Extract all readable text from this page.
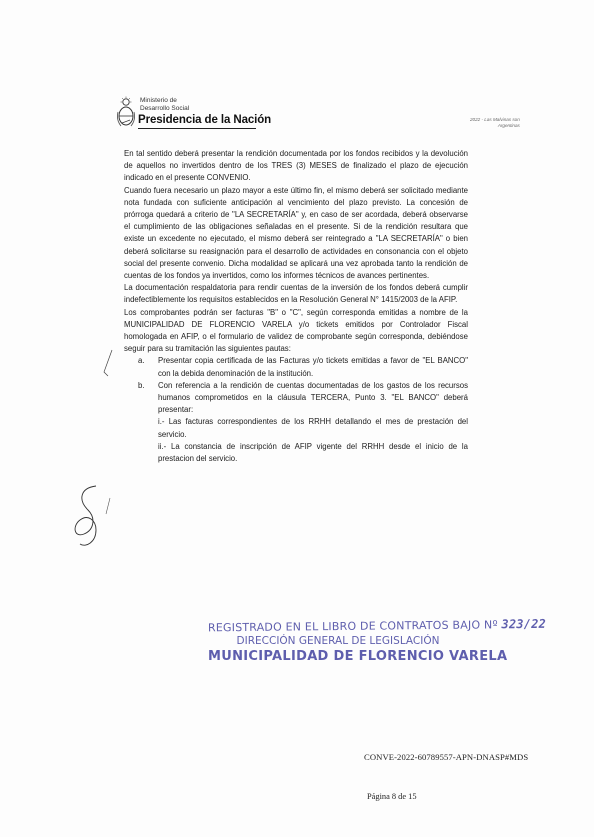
Ministerio de
Desarrollo Social
Presidencia de la Nación	2022 - Las Malvinas son
Argentinas

En tal sentido deberá presentar la rendición documentada por los fondos recibidos y la devolución de aquellos no invertidos dentro de los TRES (3) MESES de finalizado el plazo de ejecución indicado en el presente CONVENIO.

Cuando fuera necesario un plazo mayor a este último fin, el mismo deberá ser solicitado mediante nota fundada con suficiente anticipación al vencimiento del plazo previsto. La concesión de prórroga quedará a criterio de "LA SECRETARÍA" y, en caso de ser acordada, deberá observarse el cumplimiento de las obligaciones señaladas en el presente. Si de la rendición resultara que existe un excedente no ejecutado, el mismo deberá ser reintegrado a "LA SECRETARÍA" o bien deberá solicitarse su reasignación para el desarrollo de actividades en consonancia con el objeto social del presente convenio. Dicha modalidad se aplicará una vez aprobada tanto la rendición de cuentas de los fondos ya invertidos, como los informes técnicos de avances pertinentes.

La documentación respaldatoria para rendir cuentas de la inversión de los fondos deberá cumplir indefectiblemente los requisitos establecidos en la Resolución General N° 1415/2003 de la AFIP.

Los comprobantes podrán ser facturas "B" o "C", según corresponda emitidas a nombre de la MUNICIPALIDAD DE FLORENCIO VARELA y/o tickets emitidos por Controlador Fiscal homologada en AFIP, o el formulario de validez de comprobante según corresponda, debiéndose seguir para su tramitación las siguientes pautas:

a. Presentar copia certificada de las Facturas y/o tickets emitidas a favor de "EL BANCO" con la debida denominación de la institución.
b. Con referencia a la rendición de cuentas documentadas de los gastos de los recursos humanos comprometidos en la cláusula TERCERA, Punto 3. "EL BANCO" deberá presentar:
i.- Las facturas correspondientes de los RRHH detallando el mes de prestación del servicio.
ii.- La constancia de inscripción de AFIP vigente del RRHH desde el inicio de la prestacion del servicio.
REGISTRADO EN EL LIBRO DE CONTRATOS BAJO Nº 323/22
DIRECCIÓN GENERAL DE LEGISLACIÓN
MUNICIPALIDAD DE FLORENCIO VARELA
CONVE-2022-60789557-APN-DNASP#MDS
Página 8 de 15
